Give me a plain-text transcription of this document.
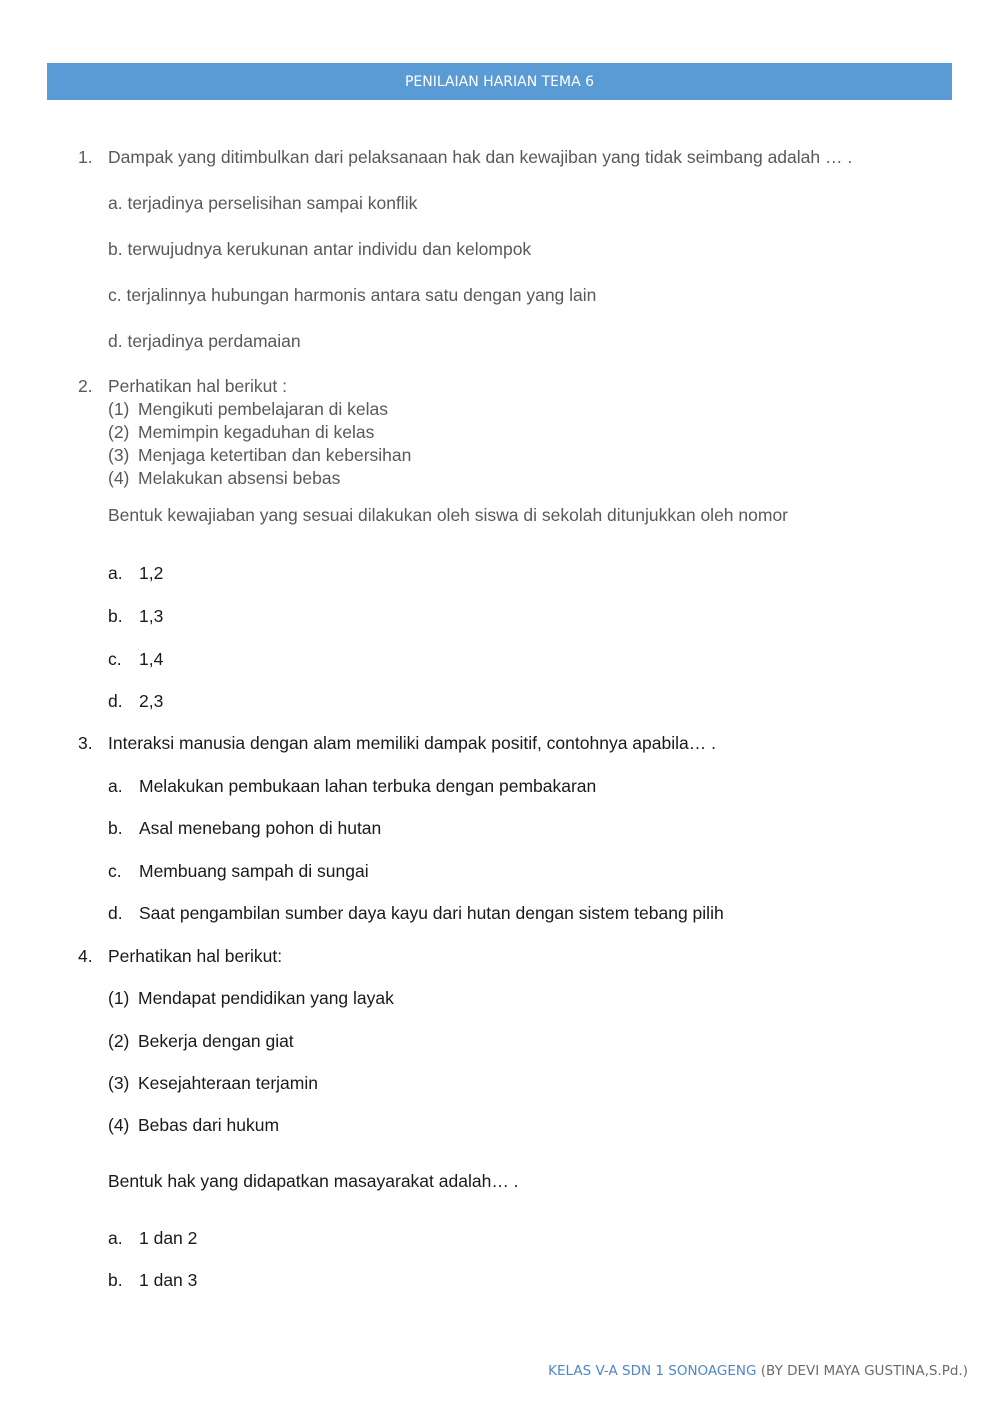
PENILAIAN HARIAN TEMA 6
1. Dampak yang ditimbulkan dari pelaksanaan hak dan kewajiban yang tidak seimbang adalah … .
a. terjadinya perselisihan sampai konflik
b. terwujudnya kerukunan antar individu dan kelompok
c. terjalinnya hubungan harmonis antara satu dengan yang lain
d. terjadinya perdamaian
2. Perhatikan hal berikut :
(1) Mengikuti pembelajaran di kelas
(2) Memimpin kegaduhan di kelas
(3) Menjaga ketertiban dan kebersihan
(4) Melakukan absensi bebas
Bentuk kewajiaban yang sesuai dilakukan oleh siswa di sekolah ditunjukkan oleh nomor
a. 1,2
b. 1,3
c. 1,4
d. 2,3
3. Interaksi manusia dengan alam memiliki dampak positif, contohnya apabila… .
a. Melakukan pembukaan lahan terbuka dengan pembakaran
b. Asal menebang pohon di hutan
c. Membuang sampah di sungai
d. Saat pengambilan sumber daya kayu dari hutan dengan sistem tebang pilih
4. Perhatikan hal berikut:
(1) Mendapat pendidikan yang layak
(2) Bekerja dengan giat
(3) Kesejahteraan terjamin
(4) Bebas dari hukum
Bentuk hak yang didapatkan masayarakat adalah… .
a. 1 dan 2
b. 1 dan 3
KELAS V-A SDN 1 SONOAGENG (BY DEVI MAYA GUSTINA,S.Pd.)
